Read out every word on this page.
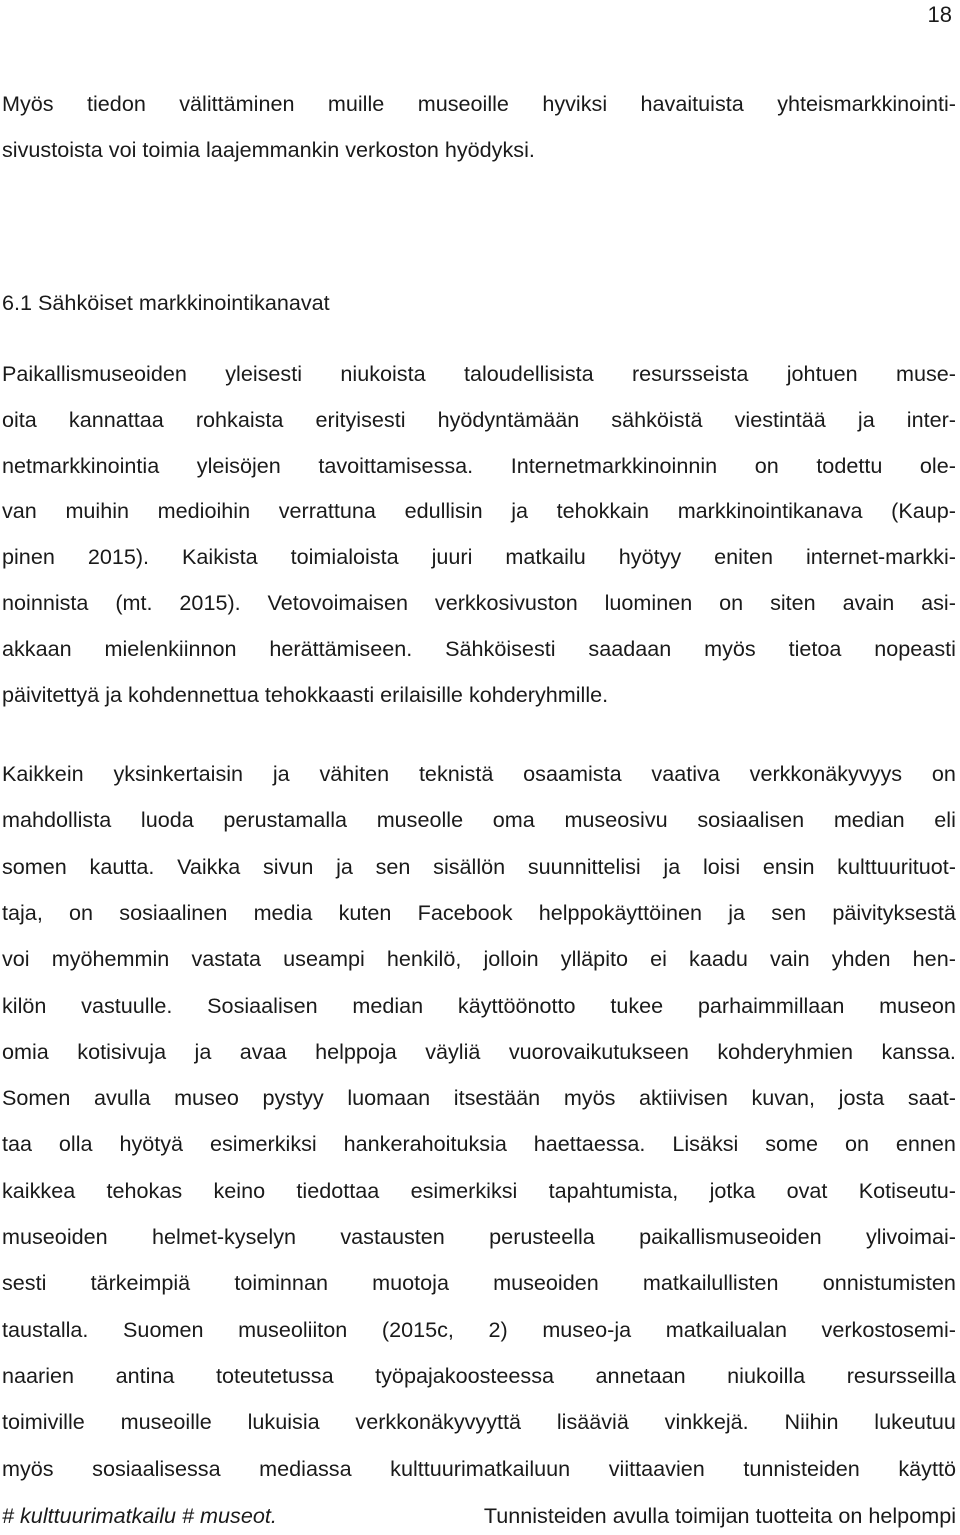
18
Myös tiedon välittäminen muille museoille hyviksi havaituista yhteismarkkinointi-
sivustoista voi toimia laajemmankin verkoston hyödyksi.
6.1 Sähköiset markkinointikanavat
Paikallismuseoiden yleisesti niukoista taloudellisista resursseista johtuen muse-
oita kannattaa rohkaista erityisesti hyödyntämään sähköistä viestintää ja inter-
netmarkkinointia yleisöjen tavoittamisessa. Internetmarkkinoinnin on todettu ole-
van muihin medioihin verrattuna edullisin ja tehokkain markkinointikanava (Kaup-
pinen 2015). Kaikista toimialoista juuri matkailu hyötyy eniten internet-markki-
noinnista (mt. 2015). Vetovoimaisen verkkosivuston luominen on siten avain asi-
akkaan mielenkiinnon herättämiseen. Sähköisesti saadaan myös tietoa nopeasti
päivitettyä ja kohdennettua tehokkaasti erilaisille kohderyhmille.
Kaikkein yksinkertaisin ja vähiten teknistä osaamista vaativa verkkonäkyvyys on
mahdollista luoda perustamalla museolle oma museosivu sosiaalisen median eli
somen kautta. Vaikka sivun ja sen sisällön suunnittelisi ja loisi ensin kulttuurituot-
taja, on sosiaalinen media kuten Facebook helppokäyttöinen ja sen päivityksestä
voi myöhemmin vastata useampi henkilö, jolloin ylläpito ei kaadu vain yhden hen-
kilön vastuulle. Sosiaalisen median käyttöönotto tukee parhaimmillaan museon
omia kotisivuja ja avaa helppoja väyliä vuorovaikutukseen kohderyhmien kanssa.
Somen avulla museo pystyy luomaan itsestään myös aktiivisen kuvan, josta saat-
taa olla hyötyä esimerkiksi hankerahoituksia haettaessa. Lisäksi some on ennen
kaikkea tehokas keino tiedottaa esimerkiksi tapahtumista, jotka ovat Kotiseutu-
museoiden helmet-kyselyn vastausten perusteella paikallismuseoiden ylivoimai-
sesti tärkeimpiä toiminnan muotoja museoiden matkailullisten onnistumisten
taustalla. Suomen museoliiton (2015c, 2) museo-ja matkailualan verkostosemi-
naarien antina toteutetussa työpajakoosteessa annetaan niukoilla resursseilla
toimiville museoille lukuisia verkkonäkyvyyttä lisääviä vinkkejä. Niihin lukeutuu
myös sosiaalisessa mediassa kulttuurimatkailuun viittaavien tunnisteiden käyttö
# kulttuurimatkailu # museot.	Tunnisteiden avulla toimijan tuotteita on helpompi
